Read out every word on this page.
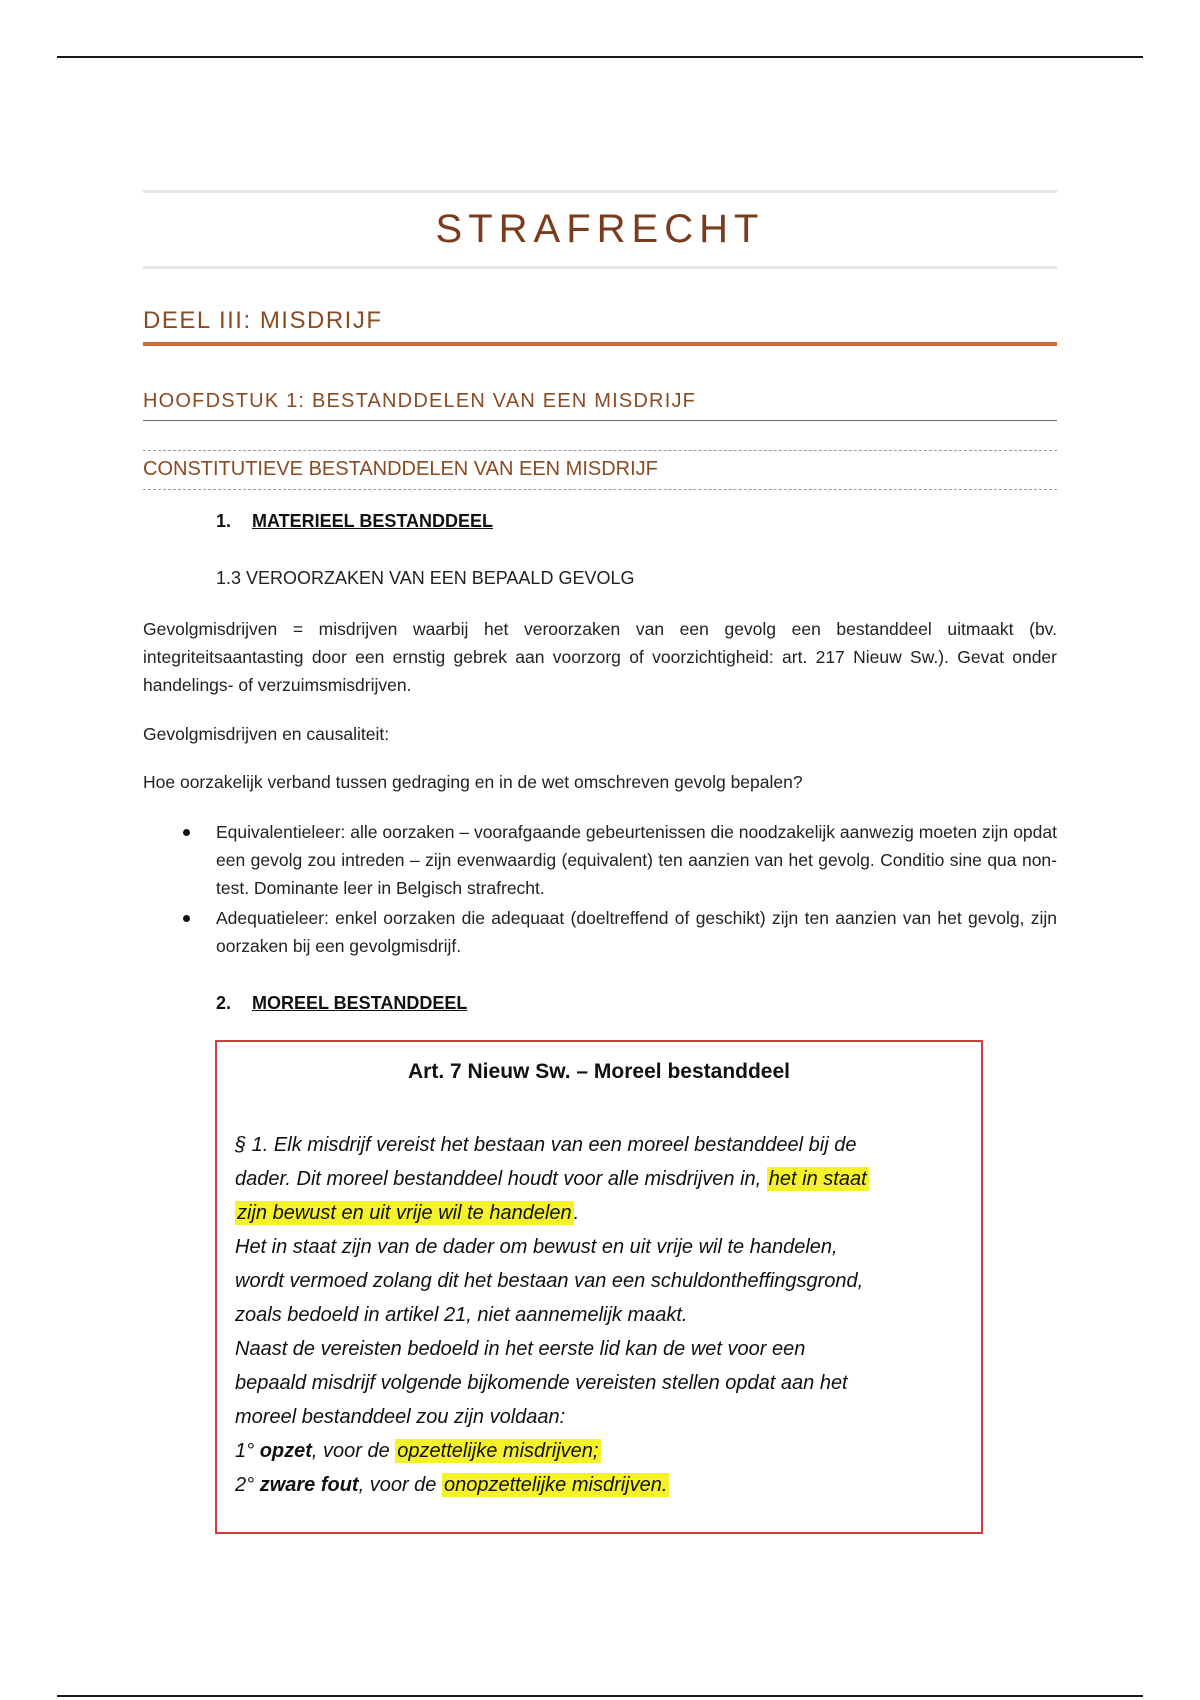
STRAFRECHT
DEEL III: MISDRIJF
HOOFDSTUK 1: BESTANDDELEN VAN EEN MISDRIJF
CONSTITUTIEVE BESTANDDELEN VAN EEN MISDRIJF
1. MATERIEEL BESTANDDEEL
1.3 VEROORZAKEN VAN EEN BEPAALD GEVOLG
Gevolgmisdrijven = misdrijven waarbij het veroorzaken van een gevolg een bestanddeel uitmaakt (bv. integriteitsaantasting door een ernstig gebrek aan voorzorg of voorzichtigheid: art. 217 Nieuw Sw.). Gevat onder handelings- of verzuimsmisdrijven.
Gevolgmisdrijven en causaliteit:
Hoe oorzakelijk verband tussen gedraging en in de wet omschreven gevolg bepalen?
Equivalentieleer: alle oorzaken – voorafgaande gebeurtenissen die noodzakelijk aanwezig moeten zijn opdat een gevolg zou intreden – zijn evenwaardig (equivalent) ten aanzien van het gevolg. Conditio sine qua non-test. Dominante leer in Belgisch strafrecht.
Adequatieleer: enkel oorzaken die adequaat (doeltreffend of geschikt) zijn ten aanzien van het gevolg, zijn oorzaken bij een gevolgmisdrijf.
2. MOREEL BESTANDDEEL
Art. 7 Nieuw Sw. – Moreel bestanddeel
§ 1. Elk misdrijf vereist het bestaan van een moreel bestanddeel bij de
dader. Dit moreel bestanddeel houdt voor alle misdrijven in, het in staat
zijn bewust en uit vrije wil te handelen .
Het in staat zijn van de dader om bewust en uit vrije wil te handelen,
wordt vermoed zolang dit het bestaan van een schuldontheffingsgrond,
zoals bedoeld in artikel 21, niet aannemelijk maakt.
Naast de vereisten bedoeld in het eerste lid kan de wet voor een
bepaald misdrijf volgende bijkomende vereisten stellen opdat aan het
moreel bestanddeel zou zijn voldaan:
1° opzet, voor de opzettelijke misdrijven;
2° zware fout, voor de onopzettelijke misdrijven.
